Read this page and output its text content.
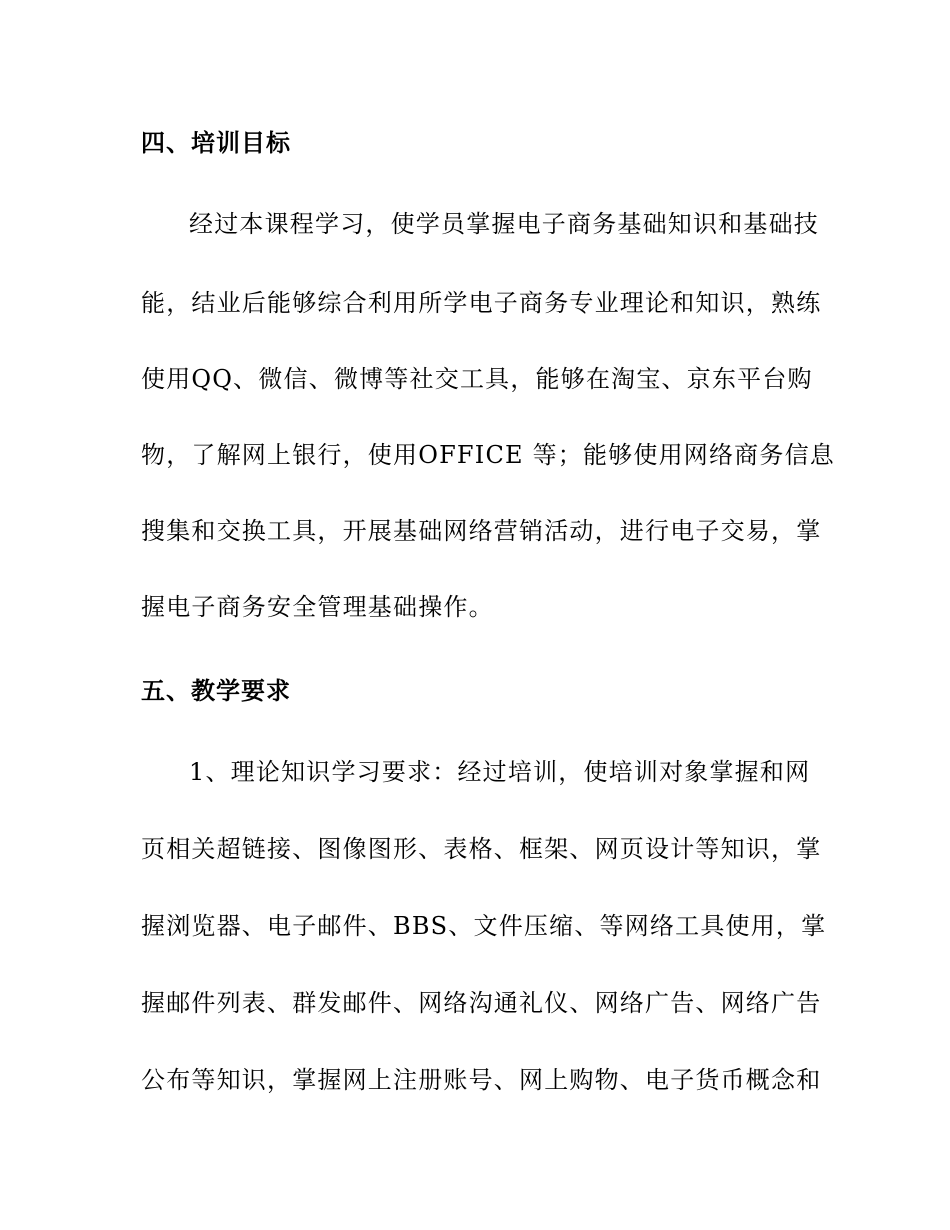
四、培训目标

经过本课程学习，使学员掌握电子商务基础知识和基础技

能，结业后能够综合利用所学电子商务专业理论和知识，熟练

使用QQ、微信、微博等社交工具，能够在淘宝、京东平台购

物，了解网上银行，使用OFFICE 等；能够使用网络商务信息

搜集和交换工具，开展基础网络营销活动，进行电子交易，掌

握电子商务安全管理基础操作。

五、教学要求

1、理论知识学习要求：经过培训，使培训对象掌握和网

页相关超链接、图像图形、表格、框架、网页设计等知识，掌

握浏览器、电子邮件、BBS、文件压缩、等网络工具使用，掌

握邮件列表、群发邮件、网络沟通礼仪、网络广告、网络广告

公布等知识，掌握网上注册账号、网上购物、电子货币概念和
